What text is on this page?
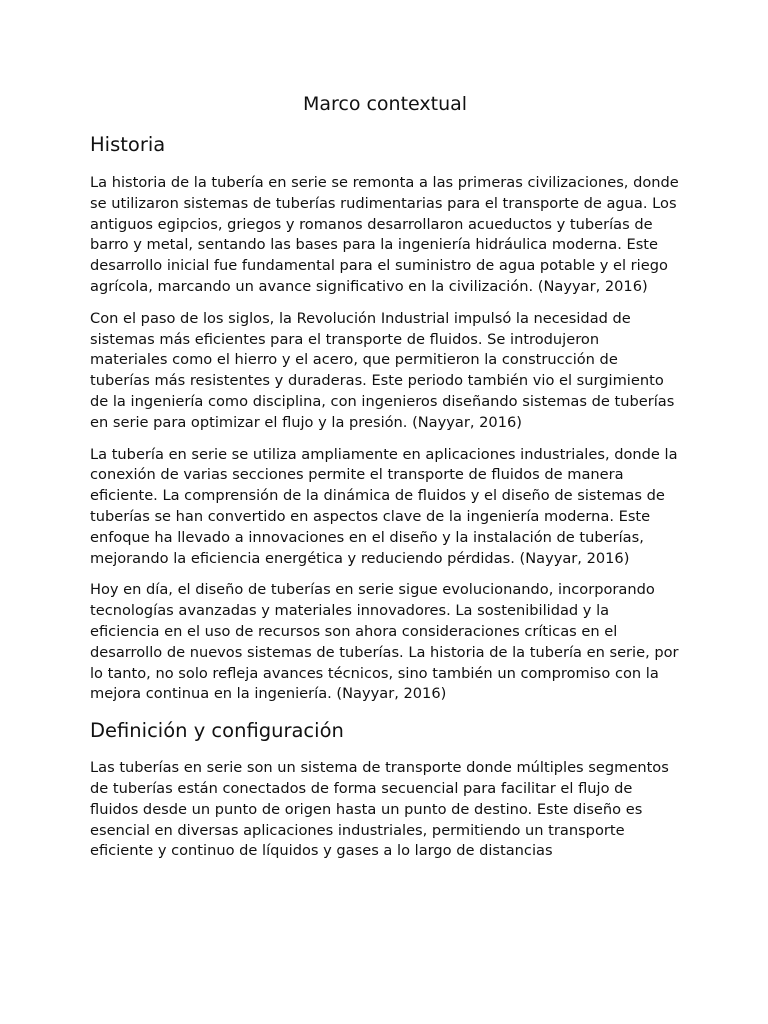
Marco contextual
Historia

La historia de la tubería en serie se remonta a las primeras civilizaciones, donde se utilizaron sistemas de tuberías rudimentarias para el transporte de agua. Los antiguos egipcios, griegos y romanos desarrollaron acueductos y tuberías de barro y metal, sentando las bases para la ingeniería hidráulica moderna. Este desarrollo inicial fue fundamental para el suministro de agua potable y el riego agrícola, marcando un avance significativo en la civilización. (Nayyar, 2016)

Con el paso de los siglos, la Revolución Industrial impulsó la necesidad de sistemas más eficientes para el transporte de fluidos. Se introdujeron materiales como el hierro y el acero, que permitieron la construcción de tuberías más resistentes y duraderas. Este periodo también vio el surgimiento de la ingeniería como disciplina, con ingenieros diseñando sistemas de tuberías en serie para optimizar el flujo y la presión. (Nayyar, 2016)

La tubería en serie se utiliza ampliamente en aplicaciones industriales, donde la conexión de varias secciones permite el transporte de fluidos de manera eficiente. La comprensión de la dinámica de fluidos y el diseño de sistemas de tuberías se han convertido en aspectos clave de la ingeniería moderna. Este enfoque ha llevado a innovaciones en el diseño y la instalación de tuberías, mejorando la eficiencia energética y reduciendo pérdidas. (Nayyar, 2016)

Hoy en día, el diseño de tuberías en serie sigue evolucionando, incorporando tecnologías avanzadas y materiales innovadores. La sostenibilidad y la eficiencia en el uso de recursos son ahora consideraciones críticas en el desarrollo de nuevos sistemas de tuberías. La historia de la tubería en serie, por lo tanto, no solo refleja avances técnicos, sino también un compromiso con la mejora continua en la ingeniería. (Nayyar, 2016)

Definición y configuración

Las tuberías en serie son un sistema de transporte donde múltiples segmentos de tuberías están conectados de forma secuencial para facilitar el flujo de fluidos desde un punto de origen hasta un punto de destino. Este diseño es esencial en diversas aplicaciones industriales, permitiendo un transporte eficiente y continuo de líquidos y gases a lo largo de distancias
